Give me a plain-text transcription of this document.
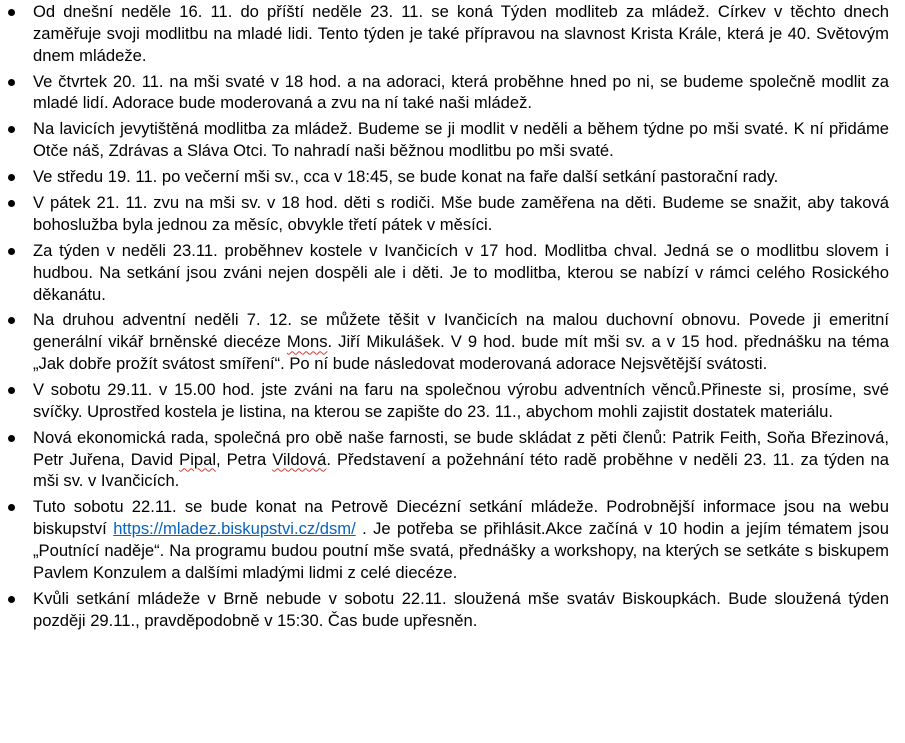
Od dnešní neděle 16. 11. do příští neděle 23. 11. se koná Týden modliteb za mládež. Církev v těchto dnech zaměřuje svoji modlitbu na mladé lidi. Tento týden je také přípravou na slavnost Krista Krále, která je 40. Světovým dnem mládeže.
Ve čtvrtek 20. 11. na mši svaté v 18 hod. a na adoraci, která proběhne hned po ni, se budeme společně modlit za mladé lidí. Adorace bude moderovaná a zvu na ní také naši mládež.
Na lavicích jevytištěná modlitba za mládež. Budeme se ji modlit v neděli a během týdne po mši svaté. K ní přidáme Otče náš, Zdrávas a Sláva Otci. To nahradí naši běžnou modlitbu po mši svaté.
Ve středu 19. 11. po večerní mši sv., cca v 18:45, se bude konat na faře další setkání pastorační rady.
V pátek 21. 11. zvu na mši sv. v 18 hod. děti s rodiči. Mše bude zaměřena na děti. Budeme se snažit, aby taková bohoslužba byla jednou za měsíc, obvykle třetí pátek v měsíci.
Za týden v neděli 23.11. proběhnev kostele v Ivančicích v 17 hod. Modlitba chval. Jedná se o modlitbu slovem i hudbou. Na setkání jsou zváni nejen dospěli ale i děti. Je to modlitba, kterou se nabízí v rámci celého Rosického děkanátu.
Na druhou adventní neděli 7. 12. se můžete těšit v Ivančicích na malou duchovní obnovu. Povede ji emeritní generální vikář brněnské diecéze Mons. Jiří Mikulášek. V 9 hod. bude mít mši sv. a v 15 hod. přednášku na téma „Jak dobře prožít svátost smíření“. Po ní bude následovat moderovaná adorace Nejsvětější svátosti.
V sobotu 29.11. v 15.00 hod. jste zváni na faru na společnou výrobu adventních věnců.Přineste si, prosíme, své svíčky. Uprostřed kostela je listina, na kterou se zapište do 23. 11., abychom mohli zajistit dostatek materiálu.
Nová ekonomická rada, společná pro obě naše farnosti, se bude skládat z pěti členů: Patrik Feith, Soňa Březinová, Petr Juřena, David Pipal, Petra Vildová. Představení a požehnání této radě proběhne v neděli 23. 11. za týden na mši sv. v Ivančicích.
Tuto sobotu 22.11. se bude konat na Petrově Diecézní setkání mládeže. Podrobnější informace jsou na webu biskupství https://mladez.biskupstvi.cz/dsm/ . Je potřeba se přihlásit.Akce začíná v 10 hodin a jejím tématem jsou „Poutnící naděje“. Na programu budou poutní mše svatá, přednášky a workshopy, na kterých se setkáte s biskupem Pavlem Konzulem a dalšími mladými lidmi z celé diecéze.
Kvůli setkání mládeže v Brně nebude v sobotu 22.11. sloužená mše svatáv Biskoupkách. Bude sloužená týden později 29.11., pravděpodobně v 15:30. Čas bude upřesněn.
